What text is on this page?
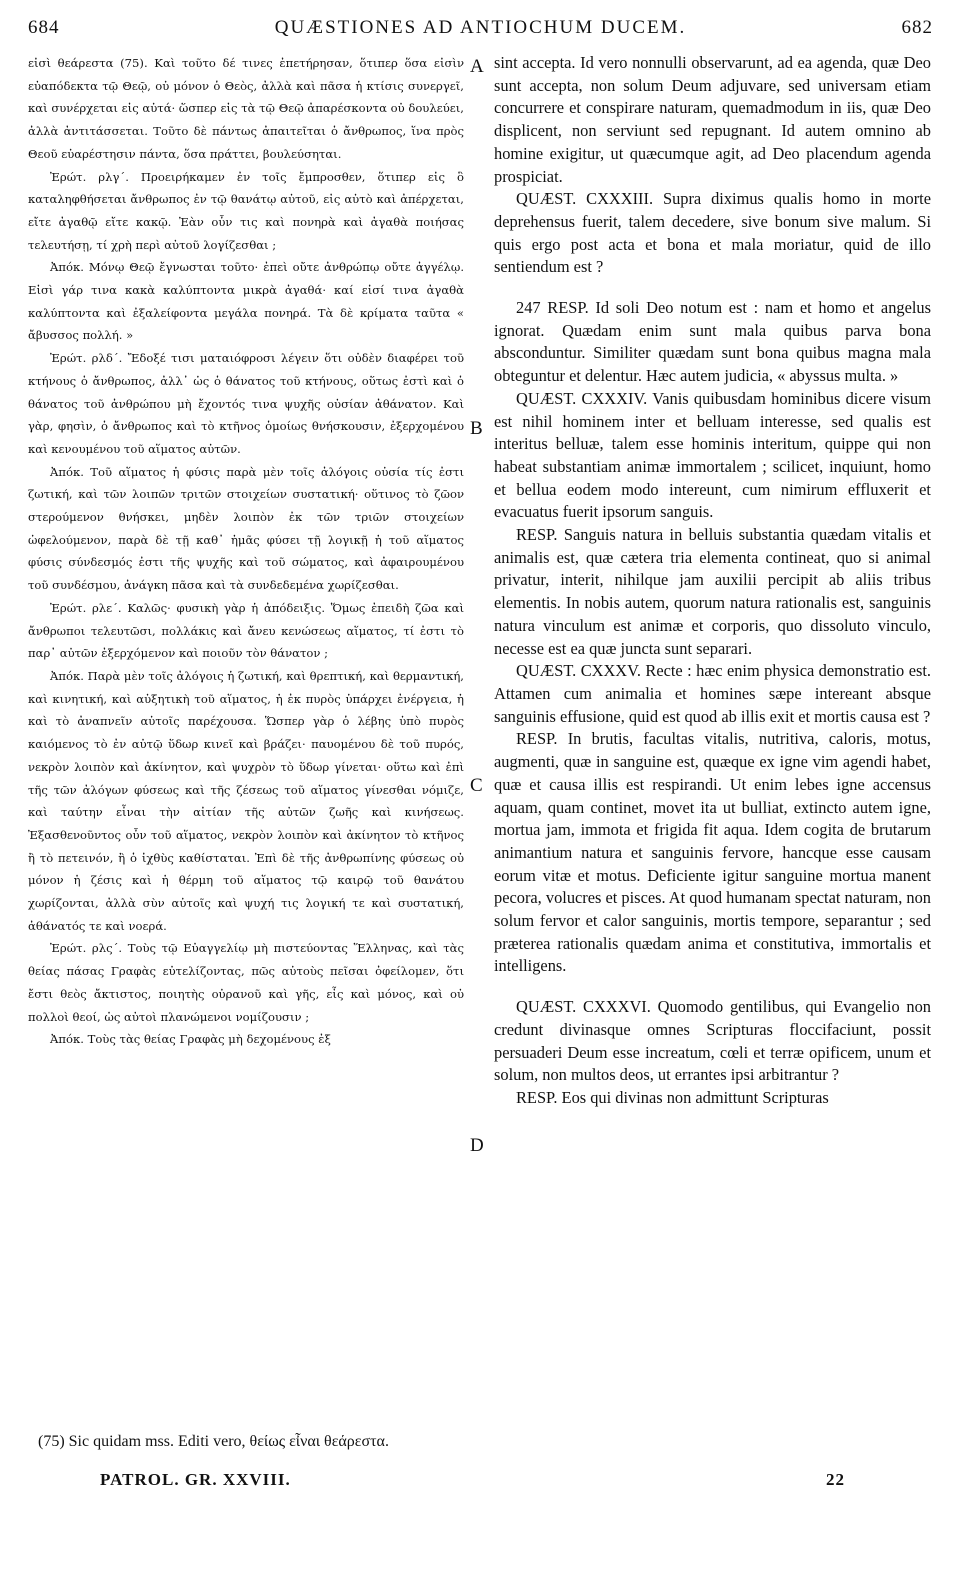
684	QUÆSTIONES AD ANTIOCHUM DUCEM.	682

εἰσὶ θεάρεστα (75). Καὶ τοῦτο δέ τινες ἐπετήρησαν, ὅτιπερ ὅσα εἰσὶν εὐαπόδεκτα τῷ Θεῷ, οὐ μόνον ὁ Θεὸς, ἀλλὰ καὶ πᾶσα ἡ κτίσις συνεργεῖ, καὶ συνέρχεται εἰς αὐτά· ὥσπερ εἰς τὰ τῷ Θεῷ ἀπαρέσκοντα οὐ δουλεύει, ἀλλὰ ἀντιτάσσεται. Τοῦτο δὲ πάντως ἀπαιτεῖται ὁ ἄνθρωπος, ἵνα πρὸς Θεοῦ εὐαρέστησιν πάντα, ὅσα πράττει, βουλεύσηται.

Ἐρώτ. ρλγ΄. Προειρήκαμεν ἐν τοῖς ἔμπροσθεν, ὅτιπερ εἰς ὃ καταληφθήσεται ἄνθρωπος ἐν τῷ θανάτῳ αὐτοῦ, εἰς αὐτὸ καὶ ἀπέρχεται, εἴτε ἀγαθῷ εἴτε κακῷ. Ἐὰν οὖν τις καὶ πονηρὰ καὶ ἀγαθὰ ποιήσας τελευτήσῃ, τί χρὴ περὶ αὐτοῦ λογίζεσθαι ;

Ἀπόκ. Μόνῳ Θεῷ ἔγνωσται τοῦτο· ἐπεὶ οὔτε ἀνθρώπῳ οὔτε ἀγγέλῳ. Εἰσὶ γάρ τινα κακὰ καλύπτοντα μικρὰ ἀγαθά· καί εἰσί τινα ἀγαθὰ καλύπτοντα καὶ ἐξαλείφοντα μεγάλα πονηρά. Τὰ δὲ κρίματα ταῦτα « ἄβυσσος πολλή. »

Ἐρώτ. ρλδ΄. Ἔδοξέ τισι ματαιόφροσι λέγειν ὅτι οὐδὲν διαφέρει τοῦ κτήνους ὁ ἄνθρωπος, ἀλλ᾽ ὡς ὁ θάνατος τοῦ κτήνους, οὕτως ἐστὶ καὶ ὁ θάνατος τοῦ ἀνθρώπου μὴ ἔχοντός τινα ψυχῆς οὐσίαν ἀθάνατον. Καὶ γὰρ, φησὶν, ὁ ἄνθρωπος καὶ τὸ κτῆνος ὁμοίως θνήσκουσιν, ἐξερχομένου καὶ κενουμένου τοῦ αἵματος αὐτῶν.

Ἀπόκ. Τοῦ αἵματος ἡ φύσις παρὰ μὲν τοῖς ἀλόγοις οὐσία τίς ἐστι ζωτική, καὶ τῶν λοιπῶν τριτῶν στοιχείων συστατική· οὕτινος τὸ ζῶον στερούμενον θνήσκει, μηδὲν λοιπὸν ἐκ τῶν τριῶν στοιχείων ὠφελούμενον, παρὰ δὲ τῇ καθ᾽ ἡμᾶς φύσει τῇ λογικῇ ἡ τοῦ αἵματος φύσις σύνδεσμός ἐστι τῆς ψυχῆς καὶ τοῦ σώματος, καὶ ἀφαιρουμένου τοῦ συνδέσμου, ἀνάγκη πᾶσα καὶ τὰ συνδεδεμένα χωρίζεσθαι.

Ἐρώτ. ρλε΄. Καλῶς· φυσικὴ γὰρ ἡ ἀπόδειξις. Ὅμως ἐπειδὴ ζῶα καὶ ἄνθρωποι τελευτῶσι, πολλάκις καὶ ἄνευ κενώσεως αἵματος, τί ἐστι τὸ παρ᾽ αὐτῶν ἐξερχόμενον καὶ ποιοῦν τὸν θάνατον ;

Ἀπόκ. Παρὰ μὲν τοῖς ἀλόγοις ἡ ζωτική, καὶ θρεπτική, καὶ θερμαντική, καὶ κινητική, καὶ αὐξητικὴ τοῦ αἵματος, ἡ ἐκ πυρὸς ὑπάρχει ἐνέργεια, ἡ καὶ τὸ ἀναπνεῖν αὐτοῖς παρέχουσα. Ὥσπερ γὰρ ὁ λέβης ὑπὸ πυρὸς καιόμενος τὸ ἐν αὐτῷ ὕδωρ κινεῖ καὶ βράζει· παυομένου δὲ τοῦ πυρός, νεκρὸν λοιπὸν καὶ ἀκίνητον, καὶ ψυχρὸν τὸ ὕδωρ γίνεται· οὕτω καὶ ἐπὶ τῆς τῶν ἀλόγων φύσεως καὶ τῆς ζέσεως τοῦ αἵματος γίνεσθαι νόμιζε, καὶ ταύτην εἶναι τὴν αἰτίαν τῆς αὐτῶν ζωῆς καὶ κινήσεως. Ἐξασθενοῦντος οὖν τοῦ αἵματος, νεκρὸν λοιπὸν καὶ ἀκίνητον τὸ κτῆνος ἢ τὸ πετεινόν, ἢ ὁ ἰχθὺς καθίσταται. Ἐπὶ δὲ τῆς ἀνθρωπίνης φύσεως οὐ μόνον ἡ ζέσις καὶ ἡ θέρμη τοῦ αἵματος τῷ καιρῷ τοῦ θανάτου χωρίζονται, ἀλλὰ σὺν αὐτοῖς καὶ ψυχή τις λογική τε καὶ συστατική, ἀθάνατός τε καὶ νοερά.

Ἐρώτ. ρλς΄. Τοὺς τῷ Εὐαγγελίῳ μὴ πιστεύοντας Ἕλληνας, καὶ τὰς θείας πάσας Γραφὰς εὐτελίζοντας, πῶς αὐτοὺς πεῖσαι ὀφείλομεν, ὅτι ἔστι θεὸς ἄκτιστος, ποιητὴς οὐρανοῦ καὶ γῆς, εἷς καὶ μόνος, καὶ οὐ πολλοὶ θεοί, ὡς αὐτοὶ πλανώμενοι νομίζουσιν ;

Ἀπόκ. Τοὺς τὰς θείας Γραφὰς μὴ δεχομένους ἐξ

A
B
C
D

sint accepta. Id vero nonnulli observarunt, ad ea agenda, quæ Deo sunt accepta, non solum Deum adjuvare, sed universam etiam concurrere et conspirare naturam, quemadmodum in iis, quæ Deo displicent, non serviunt sed repugnant. Id autem omnino ab homine exigitur, ut quæcumque agit, ad Deo placendum agenda prospiciat.

QUÆST. CXXXIII. Supra diximus qualis homo in morte deprehensus fuerit, talem decedere, sive bonum sive malum. Si quis ergo post acta et bona et mala moriatur, quid de illo sentiendum est ?

247 RESP. Id soli Deo notum est : nam et homo et angelus ignorat. Quædam enim sunt mala quibus parva bona absconduntur. Similiter quædam sunt bona quibus magna mala obteguntur et delentur. Hæc autem judicia, « abyssus multa. »

QUÆST. CXXXIV. Vanis quibusdam hominibus dicere visum est nihil hominem inter et belluam interesse, sed qualis est interitus belluæ, talem esse hominis interitum, quippe qui non habeat substantiam animæ immortalem ; scilicet, inquiunt, homo et bellua eodem modo intereunt, cum nimirum effluxerit et evacuatus fuerit ipsorum sanguis.

RESP. Sanguis natura in belluis substantia quædam vitalis et animalis est, quæ cætera tria elementa contineat, quo si animal privatur, interit, nihilque jam auxilii percipit ab aliis tribus elementis. In nobis autem, quorum natura rationalis est, sanguinis natura vinculum est animæ et corporis, quo dissoluto vinculo, necesse est ea quæ juncta sunt separari.

QUÆST. CXXXV. Recte : hæc enim physica demonstratio est. Attamen cum animalia et homines sæpe intereant absque sanguinis effusione, quid est quod ab illis exit et mortis causa est ?

RESP. In brutis, facultas vitalis, nutritiva, caloris, motus, augmenti, quæ in sanguine est, quæque ex igne vim agendi habet, quæ et causa illis est respirandi. Ut enim lebes igne accensus aquam, quam continet, movet ita ut bulliat, extincto autem igne, mortua jam, immota et frigida fit aqua. Idem cogita de brutarum animantium natura et sanguinis fervore, hancque esse causam eorum vitæ et motus. Deficiente igitur sanguine mortua manent pecora, volucres et pisces. At quod humanam spectat naturam, non solum fervor et calor sanguinis, mortis tempore, separantur ; sed præterea rationalis quædam anima et constitutiva, immortalis et intelligens.

QUÆST. CXXXVI. Quomodo gentilibus, qui Evangelio non credunt divinasque omnes Scripturas floccifaciunt, possit persuaderi Deum esse increatum, cœli et terræ opificem, unum et solum, non multos deos, ut errantes ipsi arbitrantur ?

RESP. Eos qui divinas non admittunt Scripturas

(75) Sic quidam mss. Editi vero, θείως εἶναι θεάρεστα.
PATROL. GR. XXVIII.	22
